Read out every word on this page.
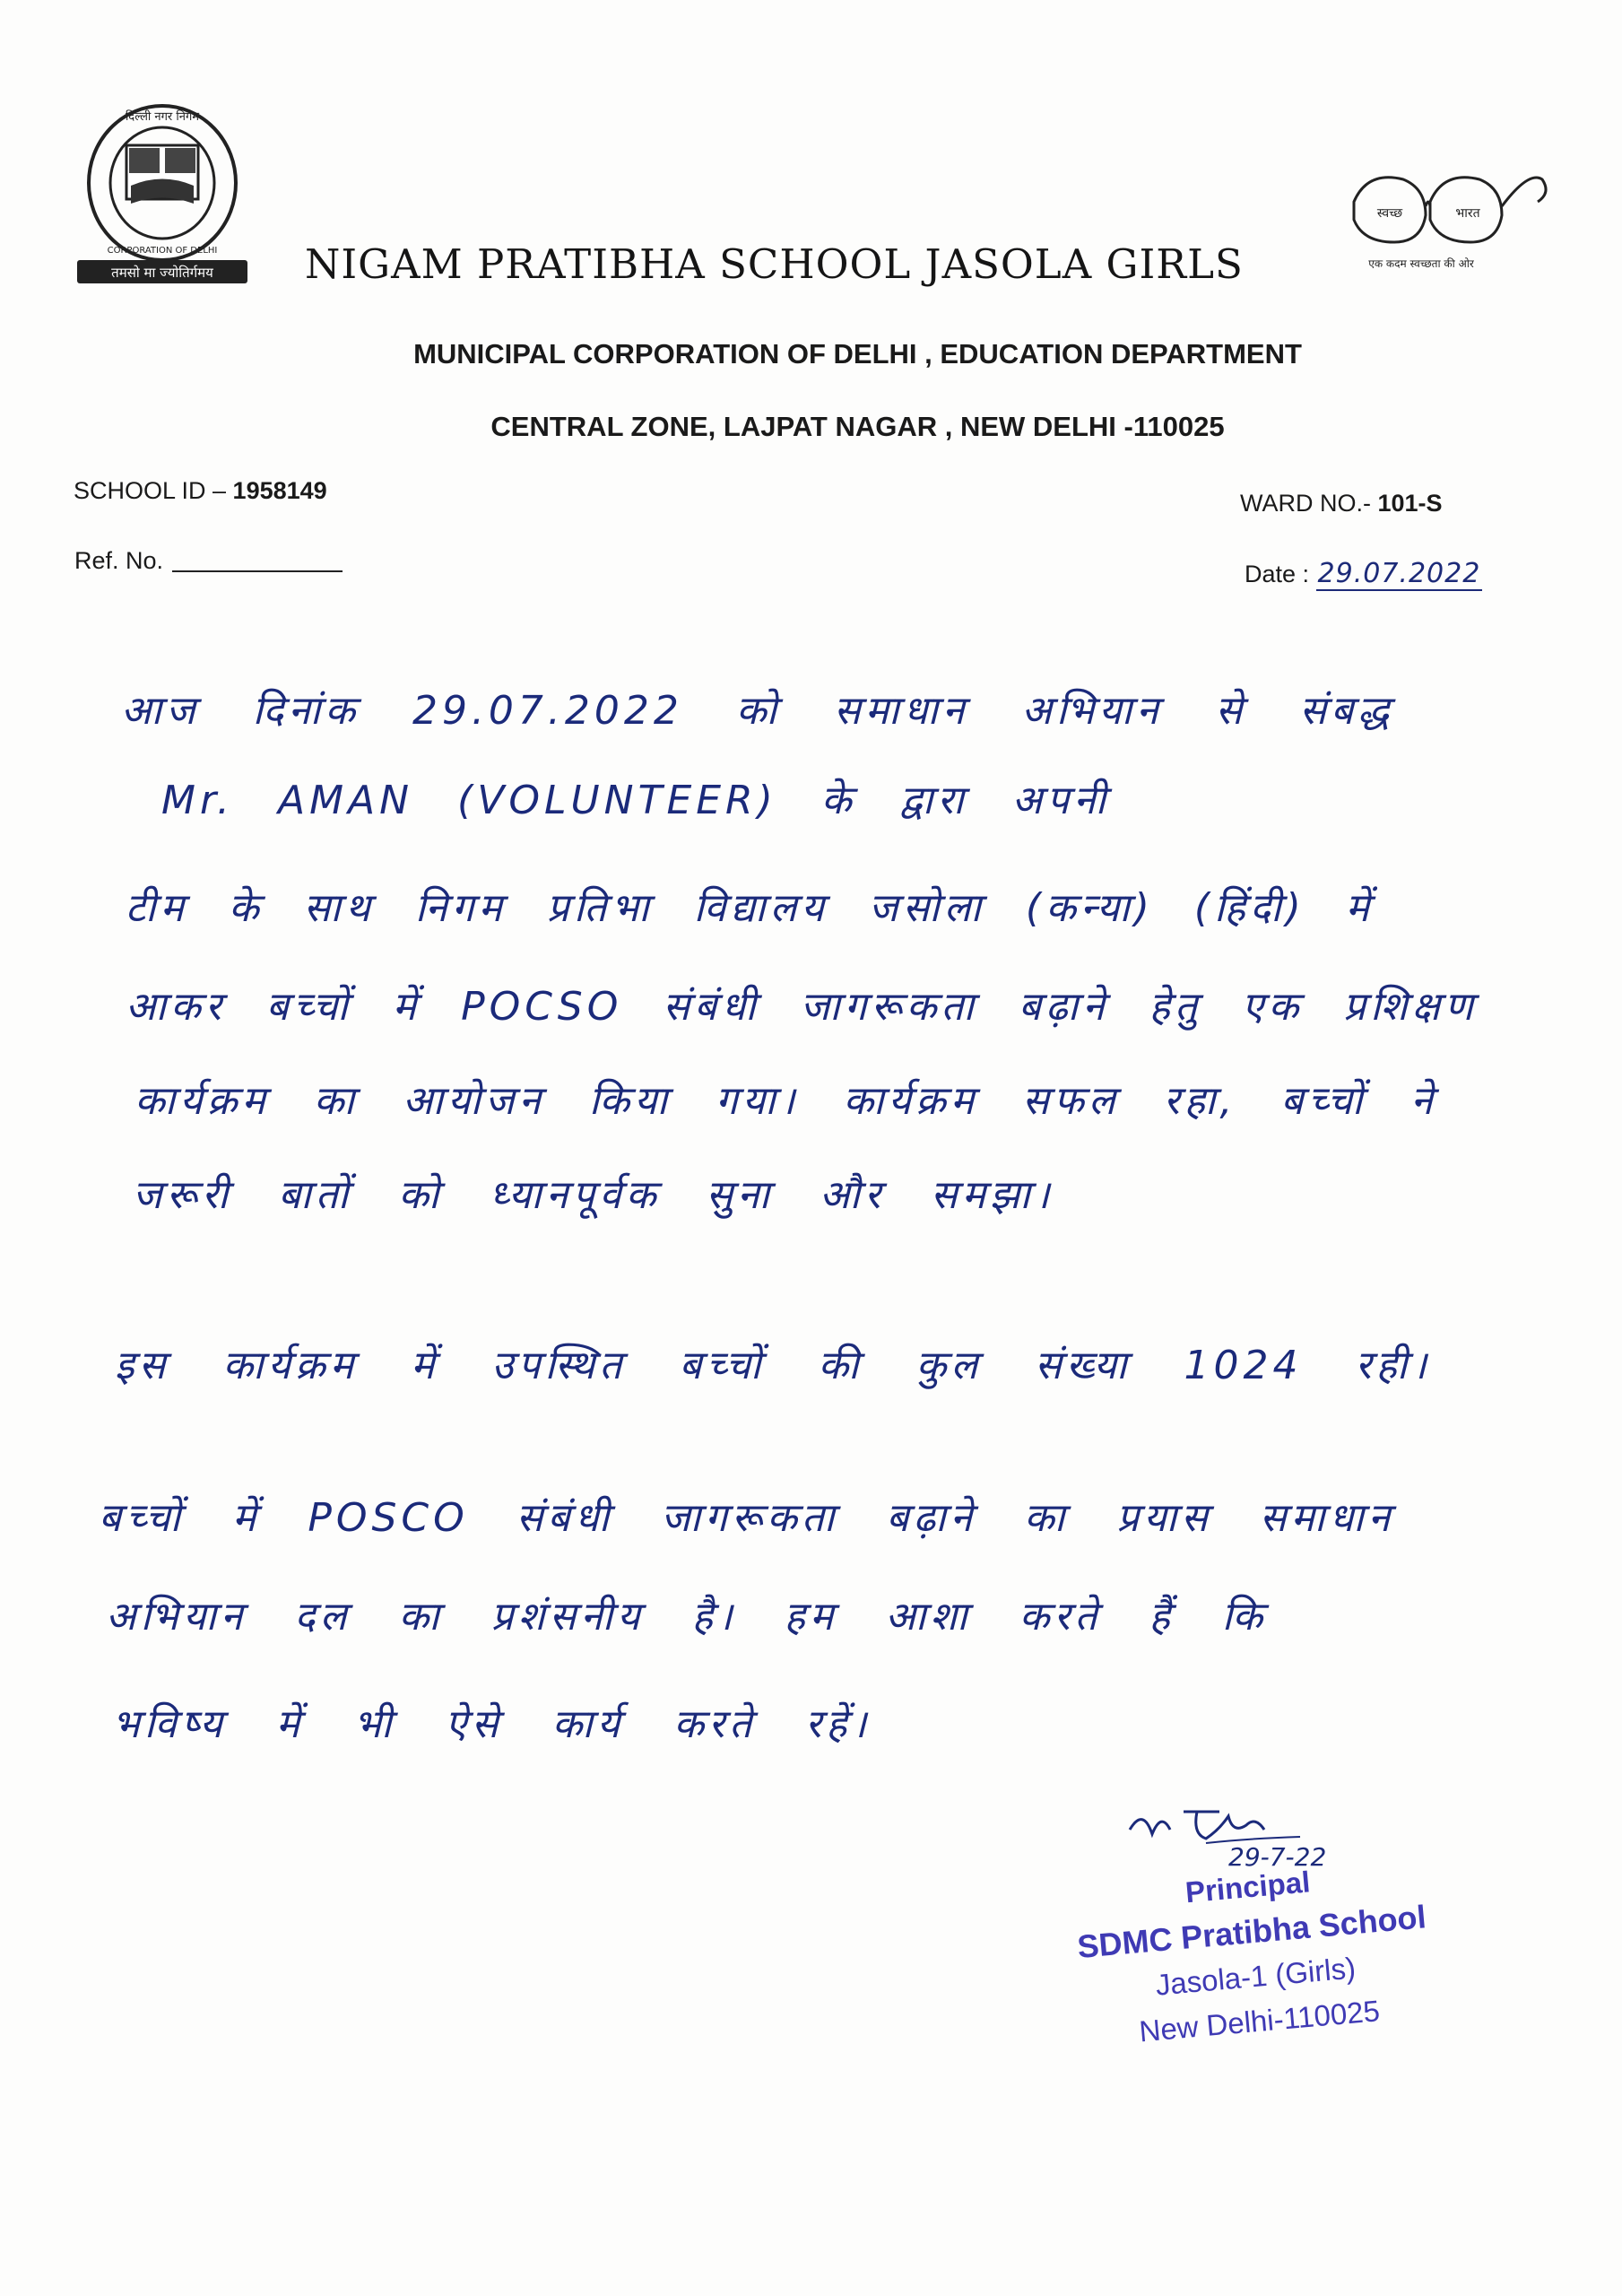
दिल्ली नगर निगम
CORPORATION OF DELHI
तमसो मा ज्योतिर्गमय
स्वच्छ	भारत
एक कदम स्वच्छता की ओर
NIGAM PRATIBHA SCHOOL JASOLA GIRLS
MUNICIPAL CORPORATION OF DELHI , EDUCATION DEPARTMENT
CENTRAL ZONE, LAJPAT NAGAR , NEW DELHI -110025
SCHOOL ID – 1958149	WARD NO.- 101-S
Ref. No.	Date : 29.07.2022
आज दिनांक 29.07.2022 को समाधान अभियान से संबद्ध
Mr. AMAN (VOLUNTEER) के द्वारा अपनी
टीम के साथ निगम प्रतिभा विद्यालय जसोला (कन्या) (हिंदी) में
आकर बच्चों में POCSO संबंधी जागरूकता बढ़ाने हेतु एक प्रशिक्षण
कार्यक्रम का आयोजन किया गया। कार्यक्रम सफल रहा, बच्चों ने
जरूरी बातों को ध्यानपूर्वक सुना और समझा।
इस कार्यक्रम में उपस्थित बच्चों की कुल संख्या 1024 रही।
बच्चों में POSCO संबंधी जागरूकता बढ़ाने का प्रयास समाधान
अभियान दल का प्रशंसनीय है। हम आशा करते हैं कि
भविष्य में भी ऐसे कार्य करते रहें।
29-7-22
Principal
SDMC Pratibha School
Jasola-1 (Girls)
New Delhi-110025
